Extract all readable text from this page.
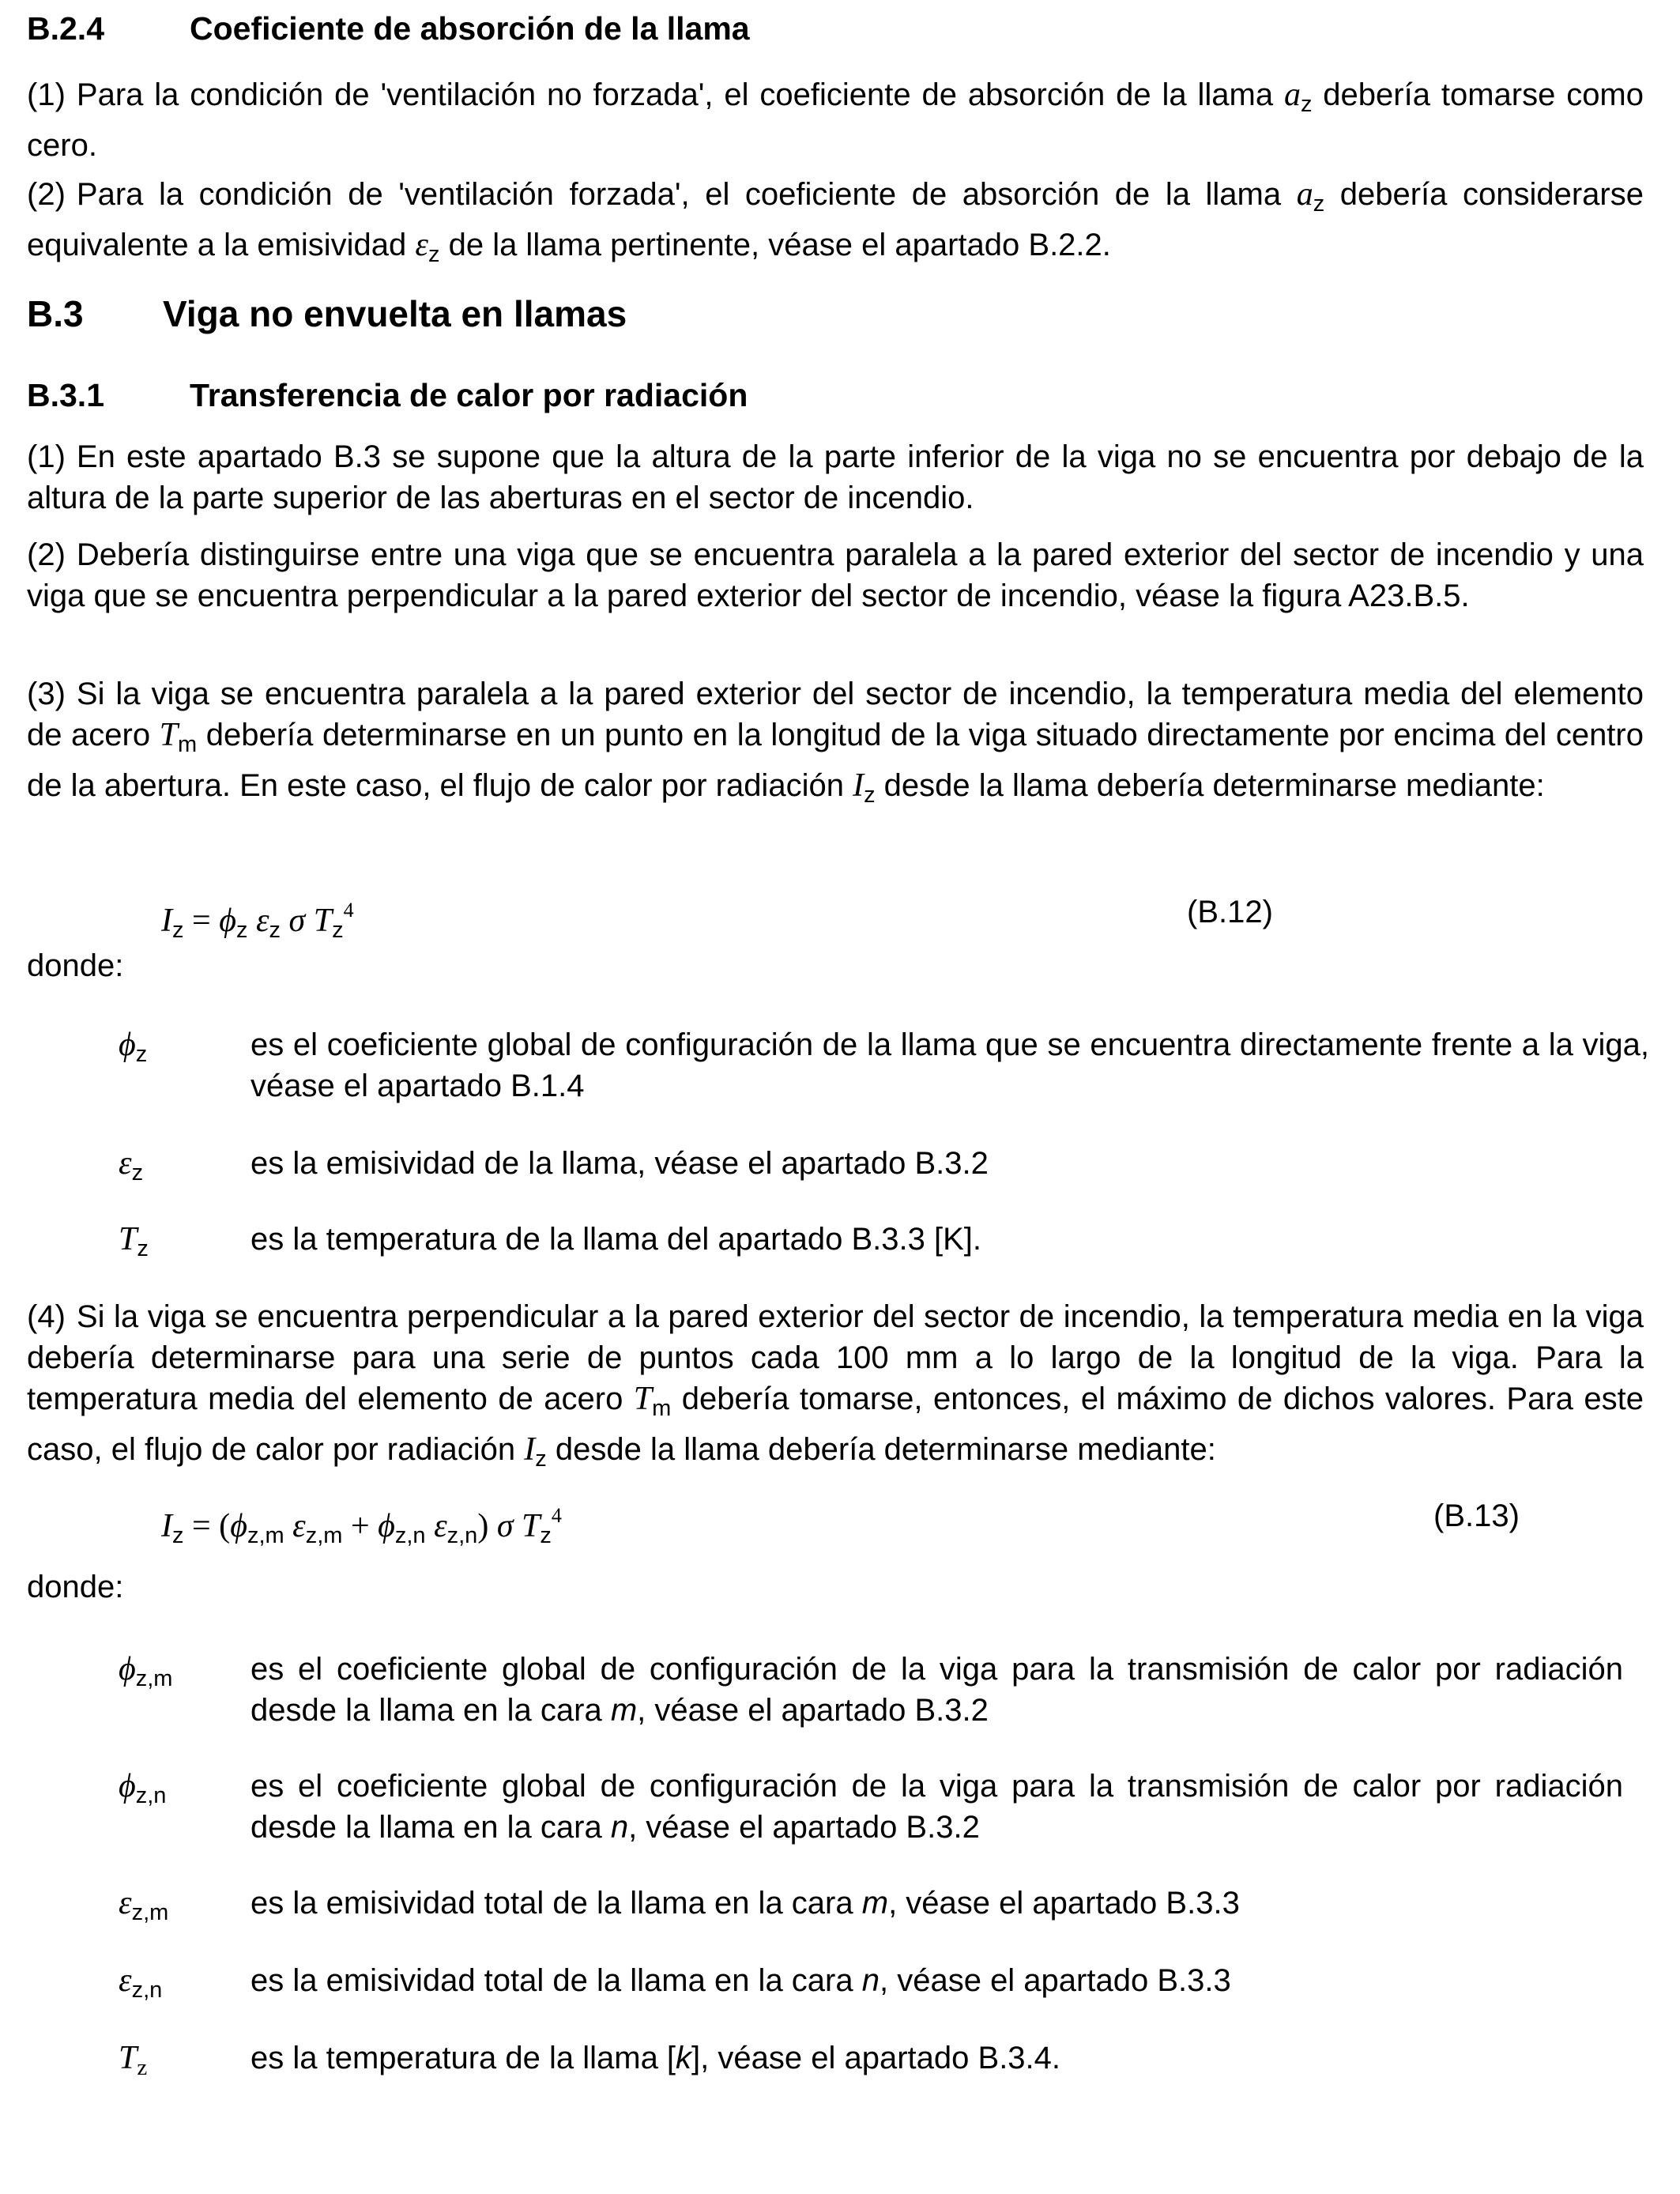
B.2.4	Coeficiente de absorción de la llama
(1) Para la condición de 'ventilación no forzada', el coeficiente de absorción de la llama $a_z$ debería tomarse como cero.
(2) Para la condición de 'ventilación forzada', el coeficiente de absorción de la llama $a_z$ debería considerarse equivalente a la emisividad $\varepsilon_z$ de la llama pertinente, véase el apartado B.2.2.
B.3 Viga no envuelta en llamas
B.3.1	Transferencia de calor por radiación
(1) En este apartado B.3 se supone que la altura de la parte inferior de la viga no se encuentra por debajo de la altura de la parte superior de las aberturas en el sector de incendio.
(2) Debería distinguirse entre una viga que se encuentra paralela a la pared exterior del sector de incendio y una viga que se encuentra perpendicular a la pared exterior del sector de incendio, véase la figura A23.B.5.
(3) Si la viga se encuentra paralela a la pared exterior del sector de incendio, la temperatura media del elemento de acero $T_m$ debería determinarse en un punto en la longitud de la viga situado directamente por encima del centro de la abertura. En este caso, el flujo de calor por radiación $I_z$ desde la llama debería determinarse mediante:
$I_z = \phi_z$ $\varepsilon_z$ σ $T_z^4$	(B.12)
donde:
ϕz	es el coeficiente global de configuración de la llama que se encuentra directamente frente a la viga, véase el apartado B.1.4
εz	es la emisividad de la llama, véase el apartado B.3.2
Tz	es la temperatura de la llama del apartado B.3.3 [K].
(4) Si la viga se encuentra perpendicular a la pared exterior del sector de incendio, la temperatura media en la viga debería determinarse para una serie de puntos cada 100 mm a lo largo de la longitud de la viga. Para la temperatura media del elemento de acero $T_m$ debería tomarse, entonces, el máximo de dichos valores. Para este caso, el flujo de calor por radiación $I_z$ desde la llama debería determinarse mediante:
$I_z = (\phi_{z,m}$ $\varepsilon_{z,m} + \phi_{z,n}$ $\varepsilon_{z,n}$) σ $T_z^4$	(B.13)
donde:
ϕz,m es el coeficiente global de configuración de la viga para la transmisión de calor por radiación desde la llama en la cara m, véase el apartado B.3.2
ϕz,n	es el coeficiente global de configuración de la viga para la transmisión de calor por radiación desde la llama en la cara n, véase el apartado B.3.2
εz,m	es la emisividad total de la llama en la cara m, véase el apartado B.3.3
εz,n	es la emisividad total de la llama en la cara n, véase el apartado B.3.3
Tz	es la temperatura de la llama [k], véase el apartado B.3.4.
